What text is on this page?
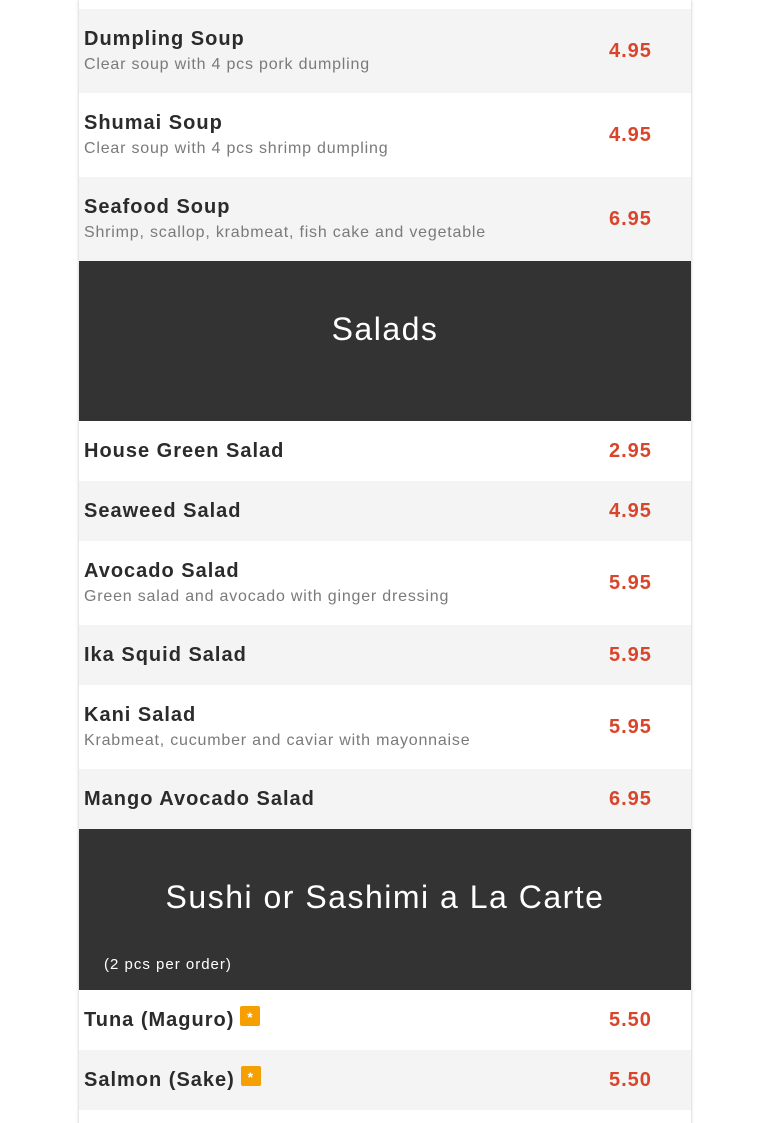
Dumpling Soup
Clear soup with 4 pcs pork dumpling
4.95
Shumai Soup
Clear soup with 4 pcs shrimp dumpling
4.95
Seafood Soup
Shrimp, scallop, krabmeat, fish cake and vegetable
6.95
Salads
House Green Salad	2.95
Seaweed Salad	4.95
Avocado Salad
Green salad and avocado with ginger dressing
5.95
Ika Squid Salad	5.95
Kani Salad
Krabmeat, cucumber and caviar with mayonnaise
5.95
Mango Avocado Salad	6.95
Sushi or Sashimi a La Carte
(2 pcs per order)
Tuna (Maguro) *	5.50
Salmon (Sake) *	5.50
